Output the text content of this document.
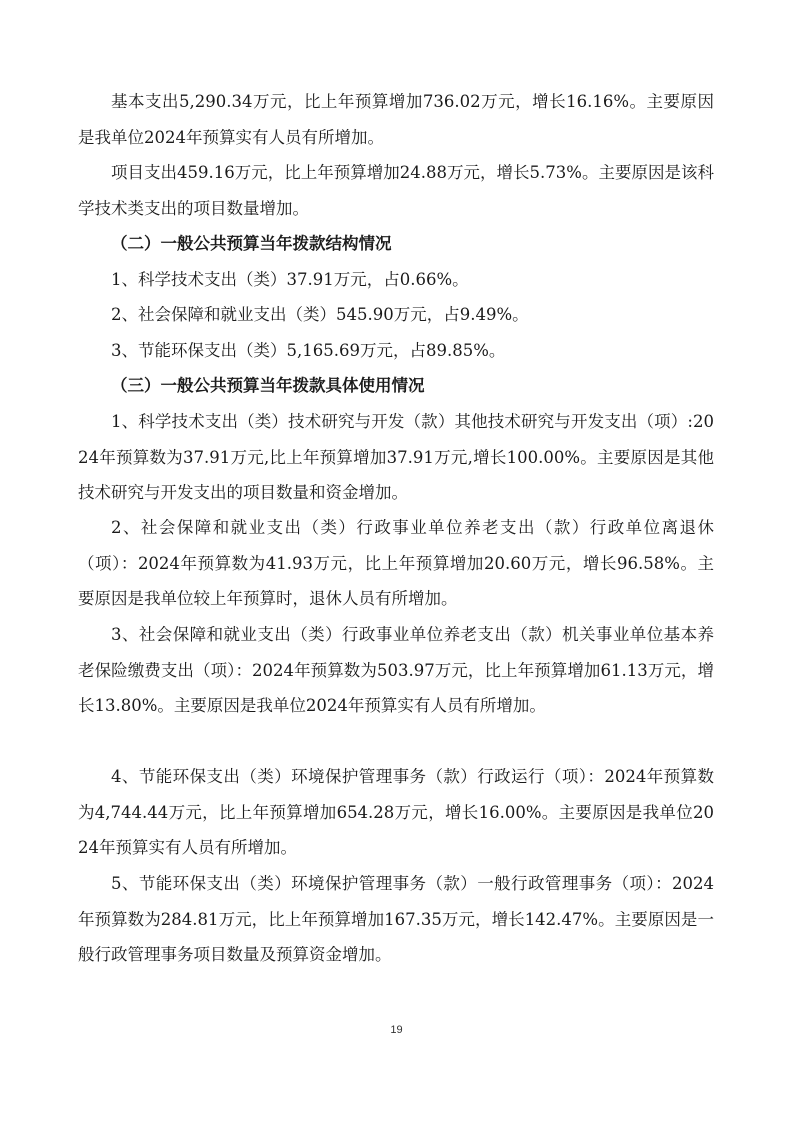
基本支出5,290.34万元，比上年预算增加736.02万元，增长16.16%。主要原因是我单位2024年预算实有人员有所增加。

项目支出459.16万元，比上年预算增加24.88万元，增长5.73%。主要原因是该科学技术类支出的项目数量增加。

（二）一般公共预算当年拨款结构情况

1、科学技术支出（类）37.91万元，占0.66%。

2、社会保障和就业支出（类）545.90万元，占9.49%。

3、节能环保支出（类）5,165.69万元，占89.85%。

（三）一般公共预算当年拨款具体使用情况

1、科学技术支出（类）技术研究与开发（款）其他技术研究与开发支出（项）:2024年预算数为37.91万元,比上年预算增加37.91万元,增长100.00%。主要原因是其他技术研究与开发支出的项目数量和资金增加。

2、社会保障和就业支出（类）行政事业单位养老支出（款）行政单位离退休（项）：2024年预算数为41.93万元，比上年预算增加20.60万元，增长96.58%。主要原因是我单位较上年预算时，退休人员有所增加。

3、社会保障和就业支出（类）行政事业单位养老支出（款）机关事业单位基本养老保险缴费支出（项）：2024年预算数为503.97万元，比上年预算增加61.13万元，增长13.80%。主要原因是我单位2024年预算实有人员有所增加。

4、节能环保支出（类）环境保护管理事务（款）行政运行（项）：2024年预算数为4,744.44万元，比上年预算增加654.28万元，增长16.00%。主要原因是我单位2024年预算实有人员有所增加。

5、节能环保支出（类）环境保护管理事务（款）一般行政管理事务（项）：2024年预算数为284.81万元，比上年预算增加167.35万元，增长142.47%。主要原因是一般行政管理事务项目数量及预算资金增加。

19
